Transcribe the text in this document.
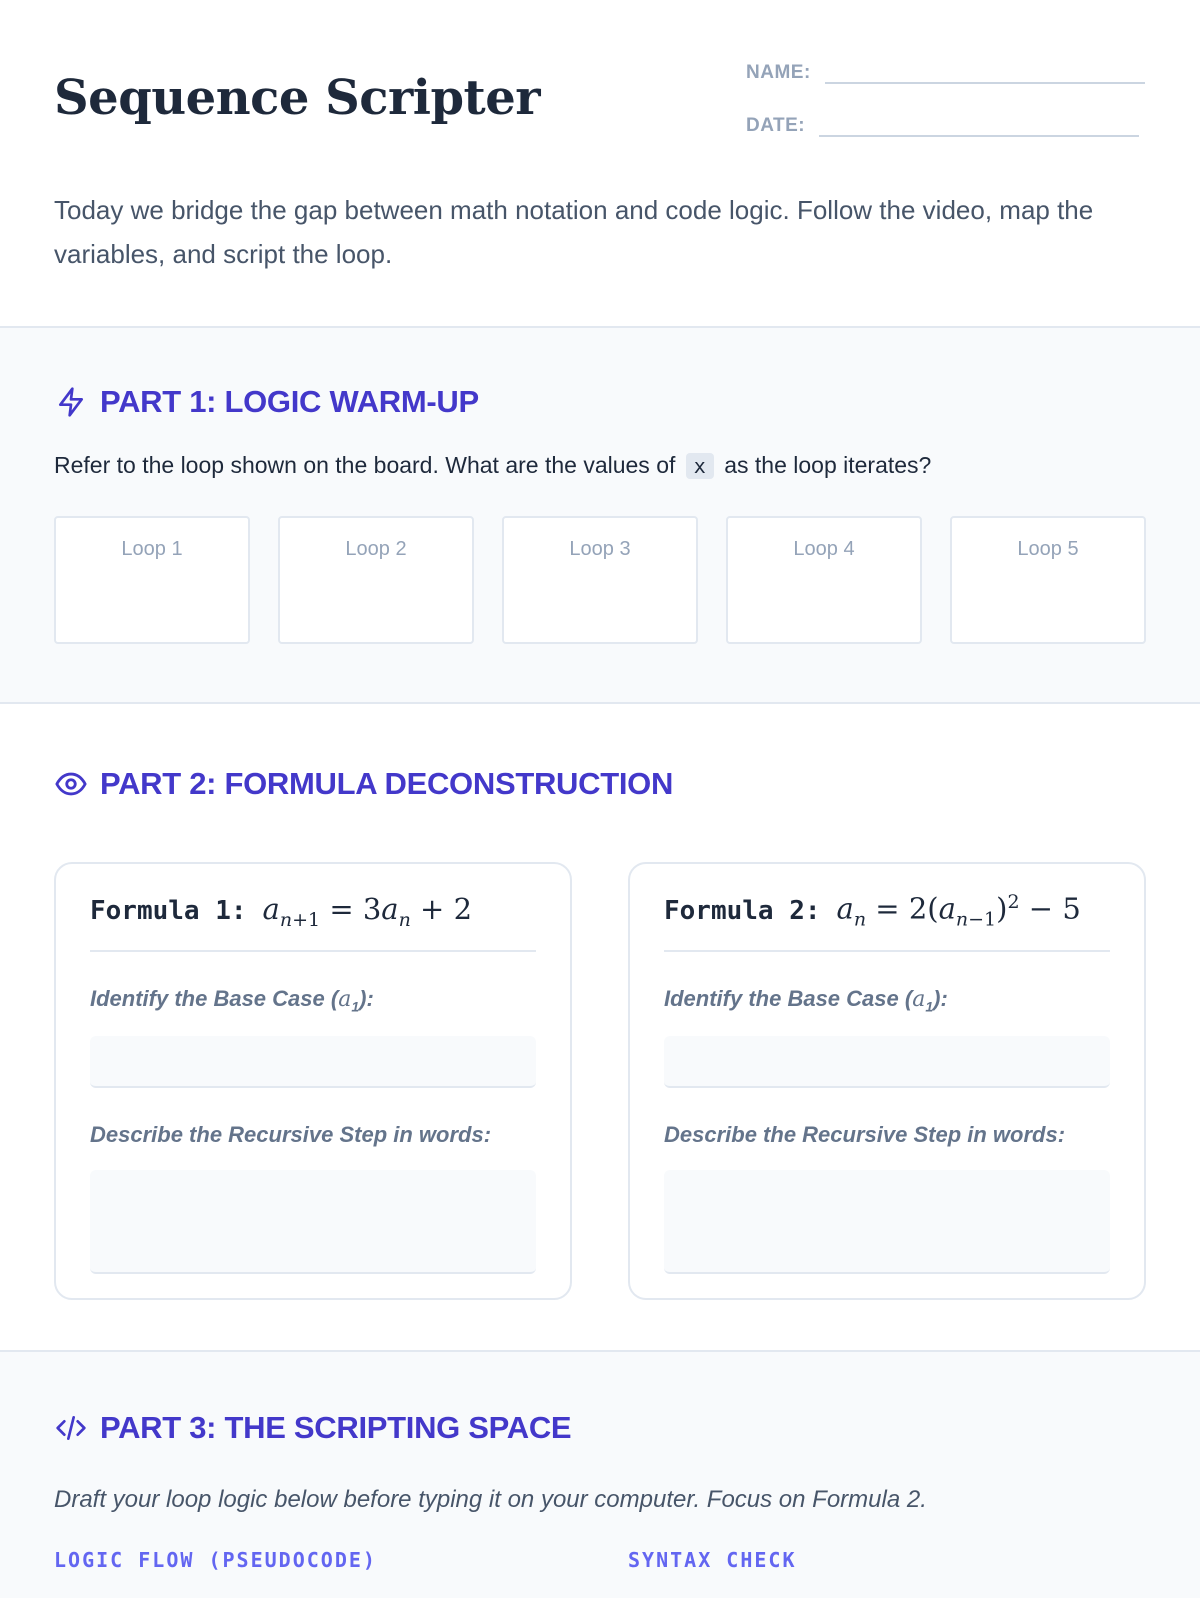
Sequence Scripter	NAME:
DATE:

Today we bridge the gap between math notation and code logic. Follow the video, map the variables, and script the loop.

PART 1: LOGIC WARM-UP

Refer to the loop shown on the board. What are the values of x as the loop iterates?

Loop 1	Loop 2	Loop 3	Loop 4	Loop 5
PART 2: FORMULA DECONSTRUCTION
Formula 1: $a_{n+1} = 3a_n + 2$

Identify the Base Case $(a_1)$:

Describe the Recursive Step in words:

Formula 2: $a_n = 2(a_{n-1})^2 - 5$

Identify the Base Case $(a_1)$:

Describe the Recursive Step in words:

PART 3: THE SCRIPTING SPACE

Draft your loop logic below before typing it on your computer. Focus on Formula 2.

LOGIC FLOW (PSEUDOCODE)	SYNTAX CHECK
